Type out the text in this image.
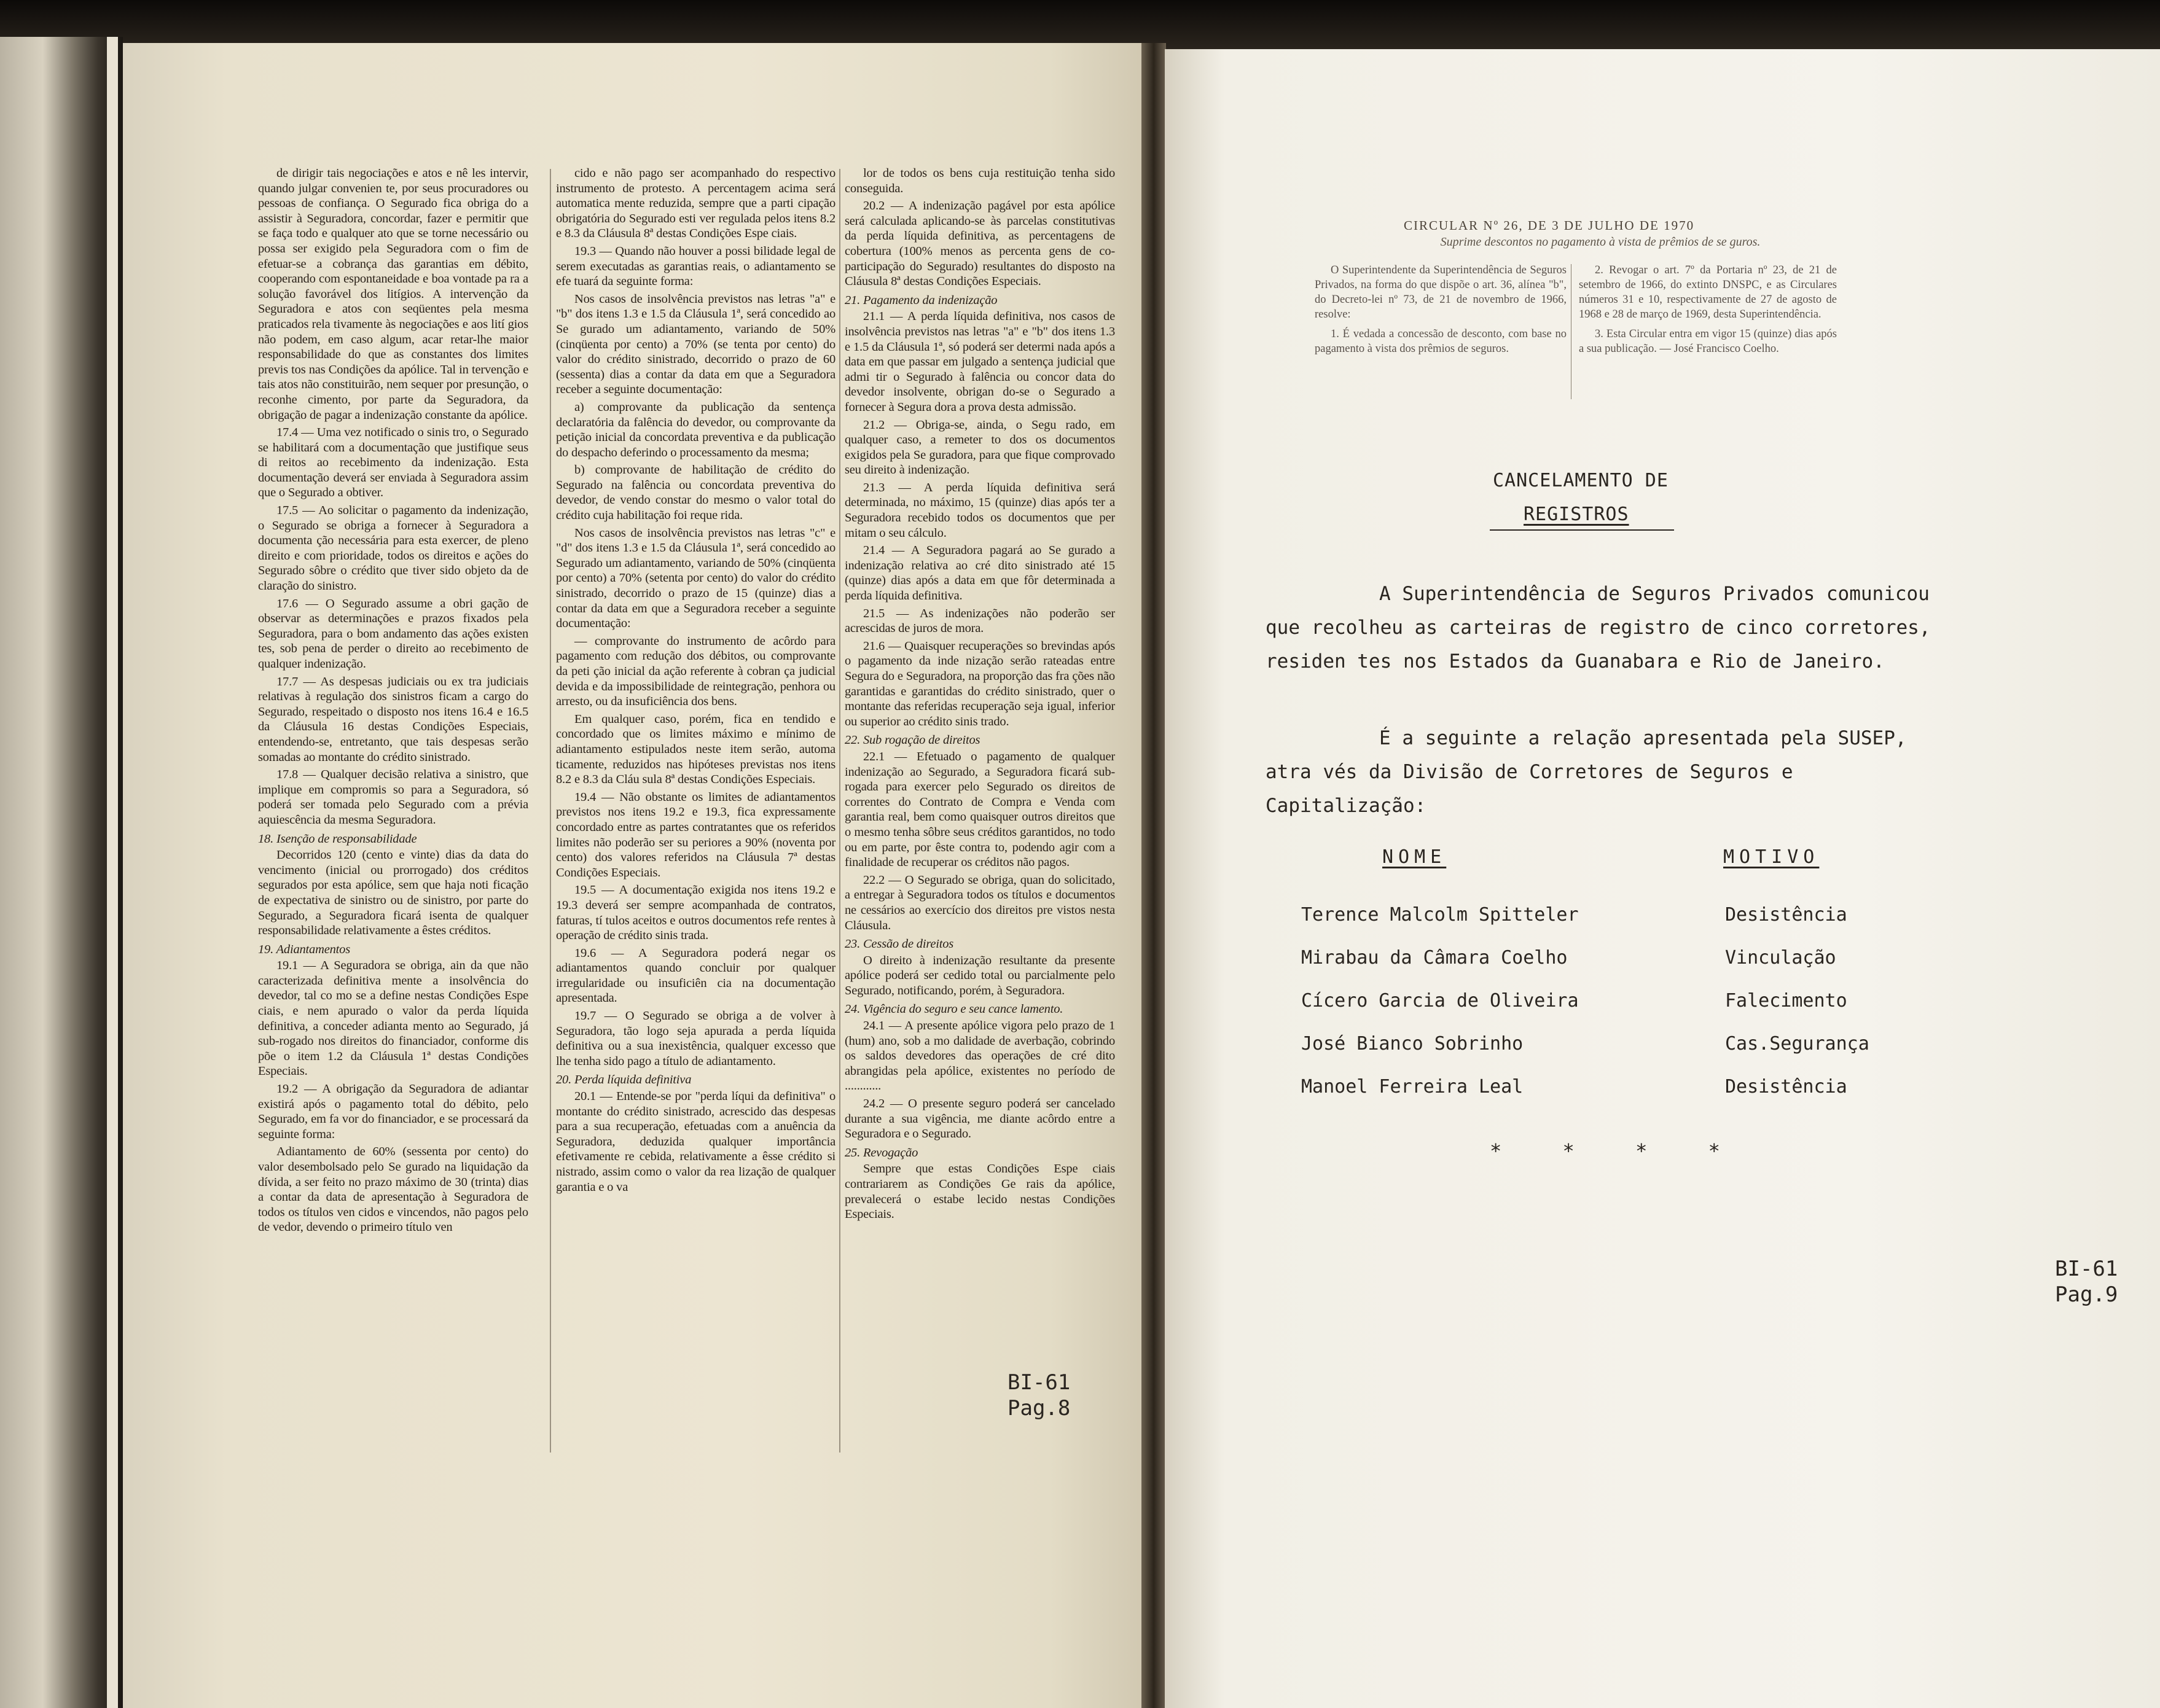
de dirigir tais negociações e atos e nê les intervir, quando julgar convenien te, por seus procuradores ou pessoas de confiança. O Segurado fica obriga do a assistir à Seguradora, concordar, fazer e permitir que se faça todo e qualquer ato que se torne necessário ou possa ser exigido pela Seguradora com o fim de efetuar-se a cobrança das garantias em débito, cooperando com espontaneidade e boa vontade pa ra a solução favorável dos litígios. A intervenção da Seguradora e atos con seqüentes pela mesma praticados rela tivamente às negociações e aos lití gios não podem, em caso algum, acar retar-lhe maior responsabilidade do que as constantes dos limites previs tos nas Condições da apólice. Tal in tervenção e tais atos não constituirão, nem sequer por presunção, o reconhe cimento, por parte da Seguradora, da obrigação de pagar a indenização constante da apólice.

17.4 — Uma vez notificado o sinis tro, o Segurado se habilitará com a documentação que justifique seus di reitos ao recebimento da indenização. Esta documentação deverá ser enviada à Seguradora assim que o Segurado a obtiver.

17.5 — Ao solicitar o pagamento da indenização, o Segurado se obriga a fornecer à Seguradora a documenta ção necessária para esta exercer, de pleno direito e com prioridade, todos os direitos e ações do Segurado sôbre o crédito que tiver sido objeto da de claração do sinistro.

17.6 — O Segurado assume a obri gação de observar as determinações e prazos fixados pela Seguradora, para o bom andamento das ações existen tes, sob pena de perder o direito ao recebimento de qualquer indenização.

17.7 — As despesas judiciais ou ex tra judiciais relativas à regulação dos sinistros ficam a cargo do Segurado, respeitado o disposto nos itens 16.4 e 16.5 da Cláusula 16 destas Condições Especiais, entendendo-se, entretanto, que tais despesas serão somadas ao montante do crédito sinistrado.

17.8 — Qualquer decisão relativa a sinistro, que implique em compromis so para a Seguradora, só poderá ser tomada pelo Segurado com a prévia aquiescência da mesma Seguradora.

18. Isenção de responsabilidade

Decorridos 120 (cento e vinte) dias da data do vencimento (inicial ou prorrogado) dos créditos segurados por esta apólice, sem que haja noti ficação de expectativa de sinistro ou de sinistro, por parte do Segurado, a Seguradora ficará isenta de qualquer responsabilidade relativamente a êstes créditos.

19. Adiantamentos

19.1 — A Seguradora se obriga, ain da que não caracterizada definitiva mente a insolvência do devedor, tal co mo se a define nestas Condições Espe ciais, e nem apurado o valor da perda líquida definitiva, a conceder adianta mento ao Segurado, já sub-rogado nos direitos do financiador, conforme dis põe o item 1.2 da Cláusula 1ª destas Condições Especiais.

19.2 — A obrigação da Seguradora de adiantar existirá após o pagamento total do débito, pelo Segurado, em fa vor do financiador, e se processará da seguinte forma:

Adiantamento de 60% (sessenta por cento) do valor desembolsado pelo Se gurado na liquidação da dívida, a ser feito no prazo máximo de 30 (trinta) dias a contar da data de apresentação à Seguradora de todos os títulos ven cidos e vincendos, não pagos pelo de vedor, devendo o primeiro título ven

cido e não pago ser acompanhado do respectivo instrumento de protesto. A percentagem acima será automatica mente reduzida, sempre que a parti cipação obrigatória do Segurado esti ver regulada pelos itens 8.2 e 8.3 da Cláusula 8ª destas Condições Espe ciais.

19.3 — Quando não houver a possi bilidade legal de serem executadas as garantias reais, o adiantamento se efe tuará da seguinte forma:

Nos casos de insolvência previstos nas letras "a" e "b" dos itens 1.3 e 1.5 da Cláusula 1ª, será concedido ao Se gurado um adiantamento, variando de 50% (cinqüenta por cento) a 70% (se tenta por cento) do valor do crédito sinistrado, decorrido o prazo de 60 (sessenta) dias a contar da data em que a Seguradora receber a seguinte documentação:

a) comprovante da publicação da sentença declaratória da falência do devedor, ou comprovante da petição inicial da concordata preventiva e da publicação do despacho deferindo o processamento da mesma;

b) comprovante de habilitação de crédito do Segurado na falência ou concordata preventiva do devedor, de vendo constar do mesmo o valor total do crédito cuja habilitação foi reque rida.

Nos casos de insolvência previstos nas letras "c" e "d" dos itens 1.3 e 1.5 da Cláusula 1ª, será concedido ao Segurado um adiantamento, variando de 50% (cinqüenta por cento) a 70% (setenta por cento) do valor do crédito sinistrado, decorrido o prazo de 15 (quinze) dias a contar da data em que a Seguradora receber a seguinte documentação:

— comprovante do instrumento de acôrdo para pagamento com redução dos débitos, ou comprovante da peti ção inicial da ação referente à cobran ça judicial devida e da impossibilidade de reintegração, penhora ou arresto, ou da insuficiência dos bens.

Em qualquer caso, porém, fica en tendido e concordado que os limites máximo e mínimo de adiantamento estipulados neste item serão, automa ticamente, reduzidos nas hipóteses previstas nos itens 8.2 e 8.3 da Cláu sula 8ª destas Condições Especiais.

19.4 — Não obstante os limites de adiantamentos previstos nos itens 19.2 e 19.3, fica expressamente concordado entre as partes contratantes que os referidos limites não poderão ser su periores a 90% (noventa por cento) dos valores referidos na Cláusula 7ª destas Condições Especiais.

19.5 — A documentação exigida nos itens 19.2 e 19.3 deverá ser sempre acompanhada de contratos, faturas, tí tulos aceitos e outros documentos refe rentes à operação de crédito sinis trada.

19.6 — A Seguradora poderá negar os adiantamentos quando concluir por qualquer irregularidade ou insuficiên cia na documentação apresentada.

19.7 — O Segurado se obriga a de volver à Seguradora, tão logo seja apurada a perda líquida definitiva ou a sua inexistência, qualquer excesso que lhe tenha sido pago a título de adiantamento.

20. Perda líquida definitiva

20.1 — Entende-se por "perda líqui da definitiva" o montante do crédito sinistrado, acrescido das despesas para a sua recuperação, efetuadas com a anuência da Seguradora, deduzida qualquer importância efetivamente re cebida, relativamente a êsse crédito si nistrado, assim como o valor da rea lização de qualquer garantia e o va

lor de todos os bens cuja restituição tenha sido conseguida.

20.2 — A indenização pagável por esta apólice será calculada aplicando-se às parcelas constitutivas da perda líquida definitiva, as percentagens de cobertura (100% menos as percenta gens de co-participação do Segurado) resultantes do disposto na Cláusula 8ª destas Condições Especiais.

21. Pagamento da indenização

21.1 — A perda líquida definitiva, nos casos de insolvência previstos nas letras "a" e "b" dos itens 1.3 e 1.5 da Cláusula 1ª, só poderá ser determi nada após a data em que passar em julgado a sentença judicial que admi tir o Segurado à falência ou concor data do devedor insolvente, obrigan do-se o Segurado a fornecer à Segura dora a prova desta admissão.

21.2 — Obriga-se, ainda, o Segu rado, em qualquer caso, a remeter to dos os documentos exigidos pela Se guradora, para que fique comprovado seu direito à indenização.

21.3 — A perda líquida definitiva será determinada, no máximo, 15 (quinze) dias após ter a Seguradora recebido todos os documentos que per mitam o seu cálculo.

21.4 — A Seguradora pagará ao Se gurado a indenização relativa ao cré dito sinistrado até 15 (quinze) dias após a data em que fôr determinada a perda líquida definitiva.

21.5 — As indenizações não poderão ser acrescidas de juros de mora.

21.6 — Quaisquer recuperações so brevindas após o pagamento da inde nização serão rateadas entre Segura do e Seguradora, na proporção das fra ções não garantidas e garantidas do crédito sinistrado, quer o montante das referidas recuperação seja igual, inferior ou superior ao crédito sinis trado.

22. Sub rogação de direitos

22.1 — Efetuado o pagamento de qualquer indenização ao Segurado, a Seguradora ficará sub-rogada para exercer pelo Segurado os direitos de correntes do Contrato de Compra e Venda com garantia real, bem como quaisquer outros direitos que o mesmo tenha sôbre seus créditos garantidos, no todo ou em parte, por êste contra to, podendo agir com a finalidade de recuperar os créditos não pagos.

22.2 — O Segurado se obriga, quan do solicitado, a entregar à Seguradora todos os títulos e documentos ne cessários ao exercício dos direitos pre vistos nesta Cláusula.

23. Cessão de direitos

O direito à indenização resultante da presente apólice poderá ser cedido total ou parcialmente pelo Segurado, notificando, porém, à Seguradora.

24. Vigência do seguro e seu cance lamento.

24.1 — A presente apólice vigora pelo prazo de 1 (hum) ano, sob a mo dalidade de averbação, cobrindo os saldos devedores das operações de cré dito abrangidas pela apólice, existentes no período de ............

24.2 — O presente seguro poderá ser cancelado durante a sua vigência, me diante acôrdo entre a Seguradora e o Segurado.

25. Revogação

Sempre que estas Condições Espe ciais contrariarem as Condições Ge rais da apólice, prevalecerá o estabe lecido nestas Condições Especiais.

BI-61
Pag.8
CIRCULAR Nº 26, DE 3 DE JULHO DE 1970
Suprime descontos no pagamento à vista de prêmios de se guros.

O Superintendente da Superintendência de Seguros Privados, na forma do que dispõe o art. 36, alínea "b", do Decreto-lei nº 73, de 21 de novembro de 1966, resolve:

1. É vedada a concessão de desconto, com base no pagamento à vista dos prêmios de seguros.

2. Revogar o art. 7º da Portaria nº 23, de 21 de setembro de 1966, do extinto DNSPC, e as Circulares números 31 e 10, respectivamente de 27 de agosto de 1968 e 28 de março de 1969, desta Superintendência.

3. Esta Circular entra em vigor 15 (quinze) dias após a sua publicação. — José Francisco Coelho.

CANCELAMENTO DE
REGISTROS

A Superintendência de Seguros Privados comunicou que recolheu as carteiras de registro de cinco corretores, residen tes nos Estados da Guanabara e Rio de Janeiro.

É a seguinte a relação apresentada pela SUSEP, atra vés da Divisão de Corretores de Seguros e Capitalização:

NOME	MOTIVO
Terence Malcolm Spitteler
Mirabau da Câmara Coelho
Cícero Garcia de Oliveira
José Bianco Sobrinho
Manoel Ferreira Leal
Desistência
Vinculação
Falecimento
Cas.Segurança
Desistência
* * * *
BI-61
Pag.9
